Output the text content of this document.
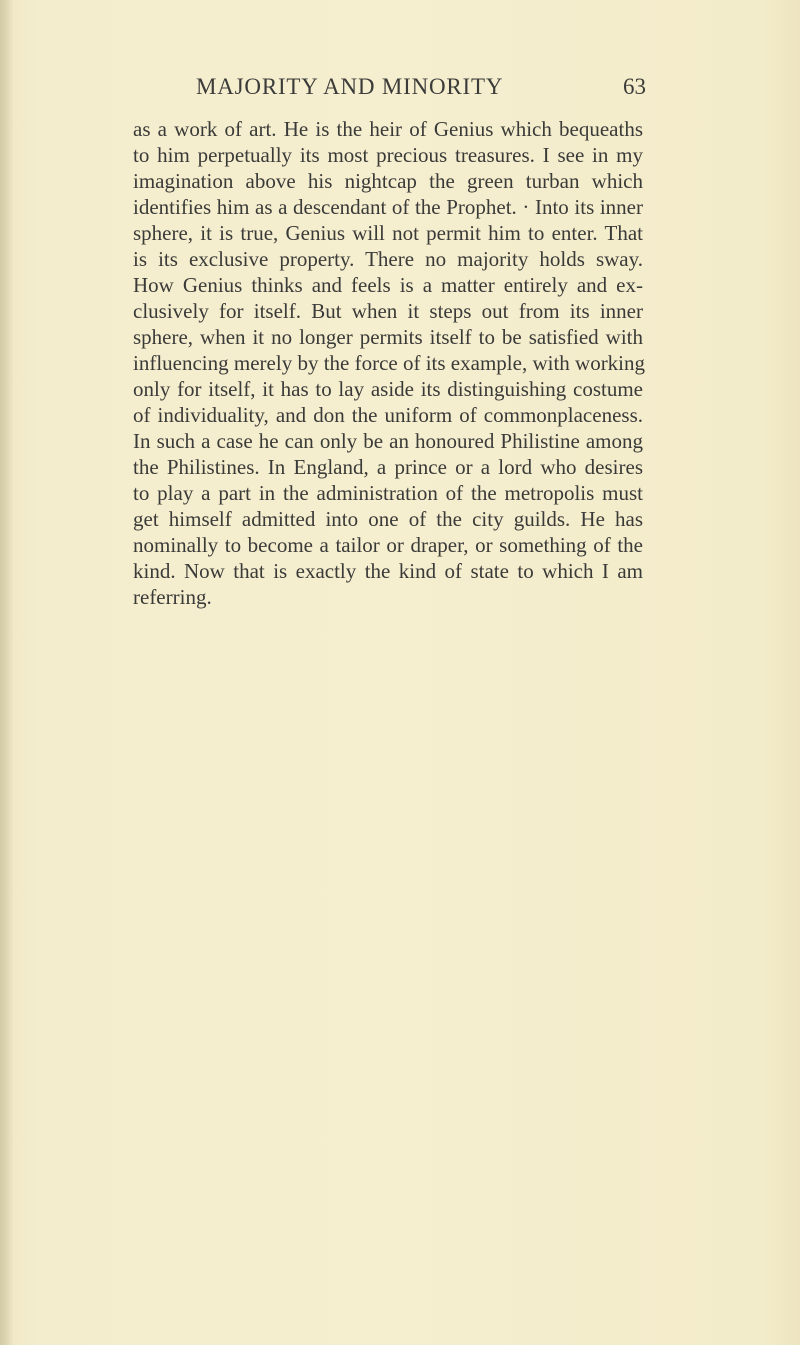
MAJORITY AND MINORITY	63
as a work of art. He is the heir of Genius which bequeaths
to him perpetually its most precious treasures. I see in my
imagination above his nightcap the green turban which
identifies him as a descendant of the Prophet. · Into its inner
sphere, it is true, Genius will not permit him to enter. That
is its exclusive property. There no majority holds sway.
How Genius thinks and feels is a matter entirely and ex-
clusively for itself. But when it steps out from its inner
sphere, when it no longer permits itself to be satisfied with
influencing merely by the force of its example, with working
only for itself, it has to lay aside its distinguishing costume
of individuality, and don the uniform of commonplaceness.
In such a case he can only be an honoured Philistine among
the Philistines. In England, a prince or a lord who desires
to play a part in the administration of the metropolis must
get himself admitted into one of the city guilds. He has
nominally to become a tailor or draper, or something of the
kind. Now that is exactly the kind of state to which I am
referring.
